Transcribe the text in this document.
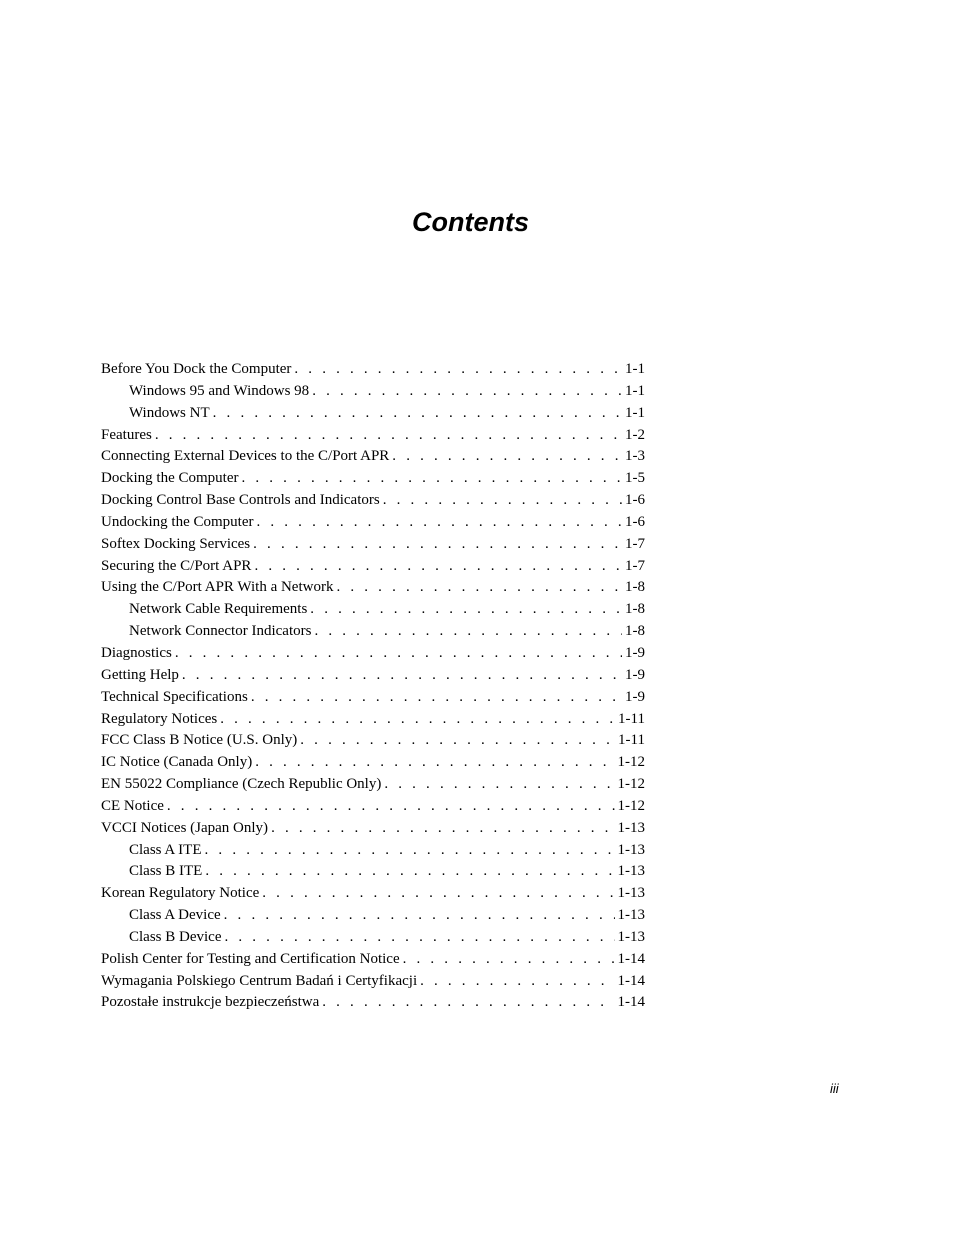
Contents
Before You Dock the Computer . . .	1-1
Windows 95 and Windows 98 . . .	1-1
Windows NT . . .	1-1
Features . . .	1-2
Connecting External Devices to the C/Port APR . . .	1-3
Docking the Computer . . .	1-5
Docking Control Base Controls and Indicators . . .	1-6
Undocking the Computer . . .	1-6
Softex Docking Services . . .	1-7
Securing the C/Port APR . . .	1-7
Using the C/Port APR With a Network . . .	1-8
Network Cable Requirements . . .	1-8
Network Connector Indicators . . .	1-8
Diagnostics . . .	1-9
Getting Help . . .	1-9
Technical Specifications . . .	1-9
Regulatory Notices . . .	1-11
FCC Class B Notice (U.S. Only) . . .	1-11
IC Notice (Canada Only) . . .	1-12
EN 55022 Compliance (Czech Republic Only) . . .	1-12
CE Notice . . .	1-12
VCCI Notices (Japan Only) . . .	1-13
Class A ITE . . .	1-13
Class B ITE . . .	1-13
Korean Regulatory Notice . . .	1-13
Class A Device . . .	1-13
Class B Device . . .	1-13
Polish Center for Testing and Certification Notice . . .	1-14
Wymagania Polskiego Centrum Badań i Certyfikacji . . .	1-14
Pozostałe instrukcje bezpieczeństwa . . .	1-14
iii
